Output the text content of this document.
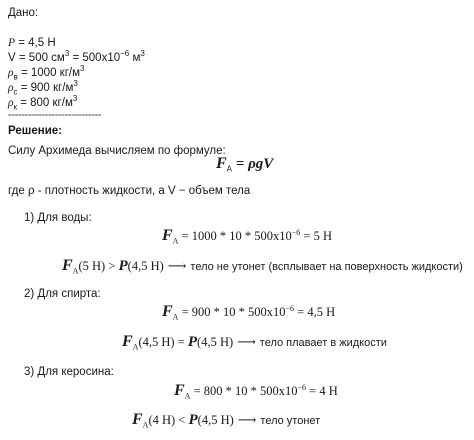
Дано:
P = 4,5 Н
V = 500 $см^3 = 500х10^{-6}$ $м^3$
$\rho_в = 1000$ $кг/м^3$
$\rho_с = 900$ $кг/м^3$
$\rho_к = 800$ $кг/м^3$
----------------------------
Решение:
Силу Архимеда вычисляем по формуле:
$F_A = \rho gV$
где ρ - плотность жидкости, а V − объем тела
1) Для воды:
$F_A = 1000 * 10 * 500х10^{-6} = 5$ Н
$F_A(5$ Н) > P(4,5 Н) ⟶ тело не утонет (всплывает на поверхность жидкости)
2) Для спирта:
$F_A = 900 * 10 * 500х10^{-6} = 4,5$ Н
$F_A(4,5$ Н) = P(4,5 Н) ⟶ тело плавает в жидкости
3) Для керосина:
$F_A = 800 * 10 * 500х10^{-6} = 4$ Н
$F_A(4$ Н) < P(4,5 Н) ⟶ тело утонет
